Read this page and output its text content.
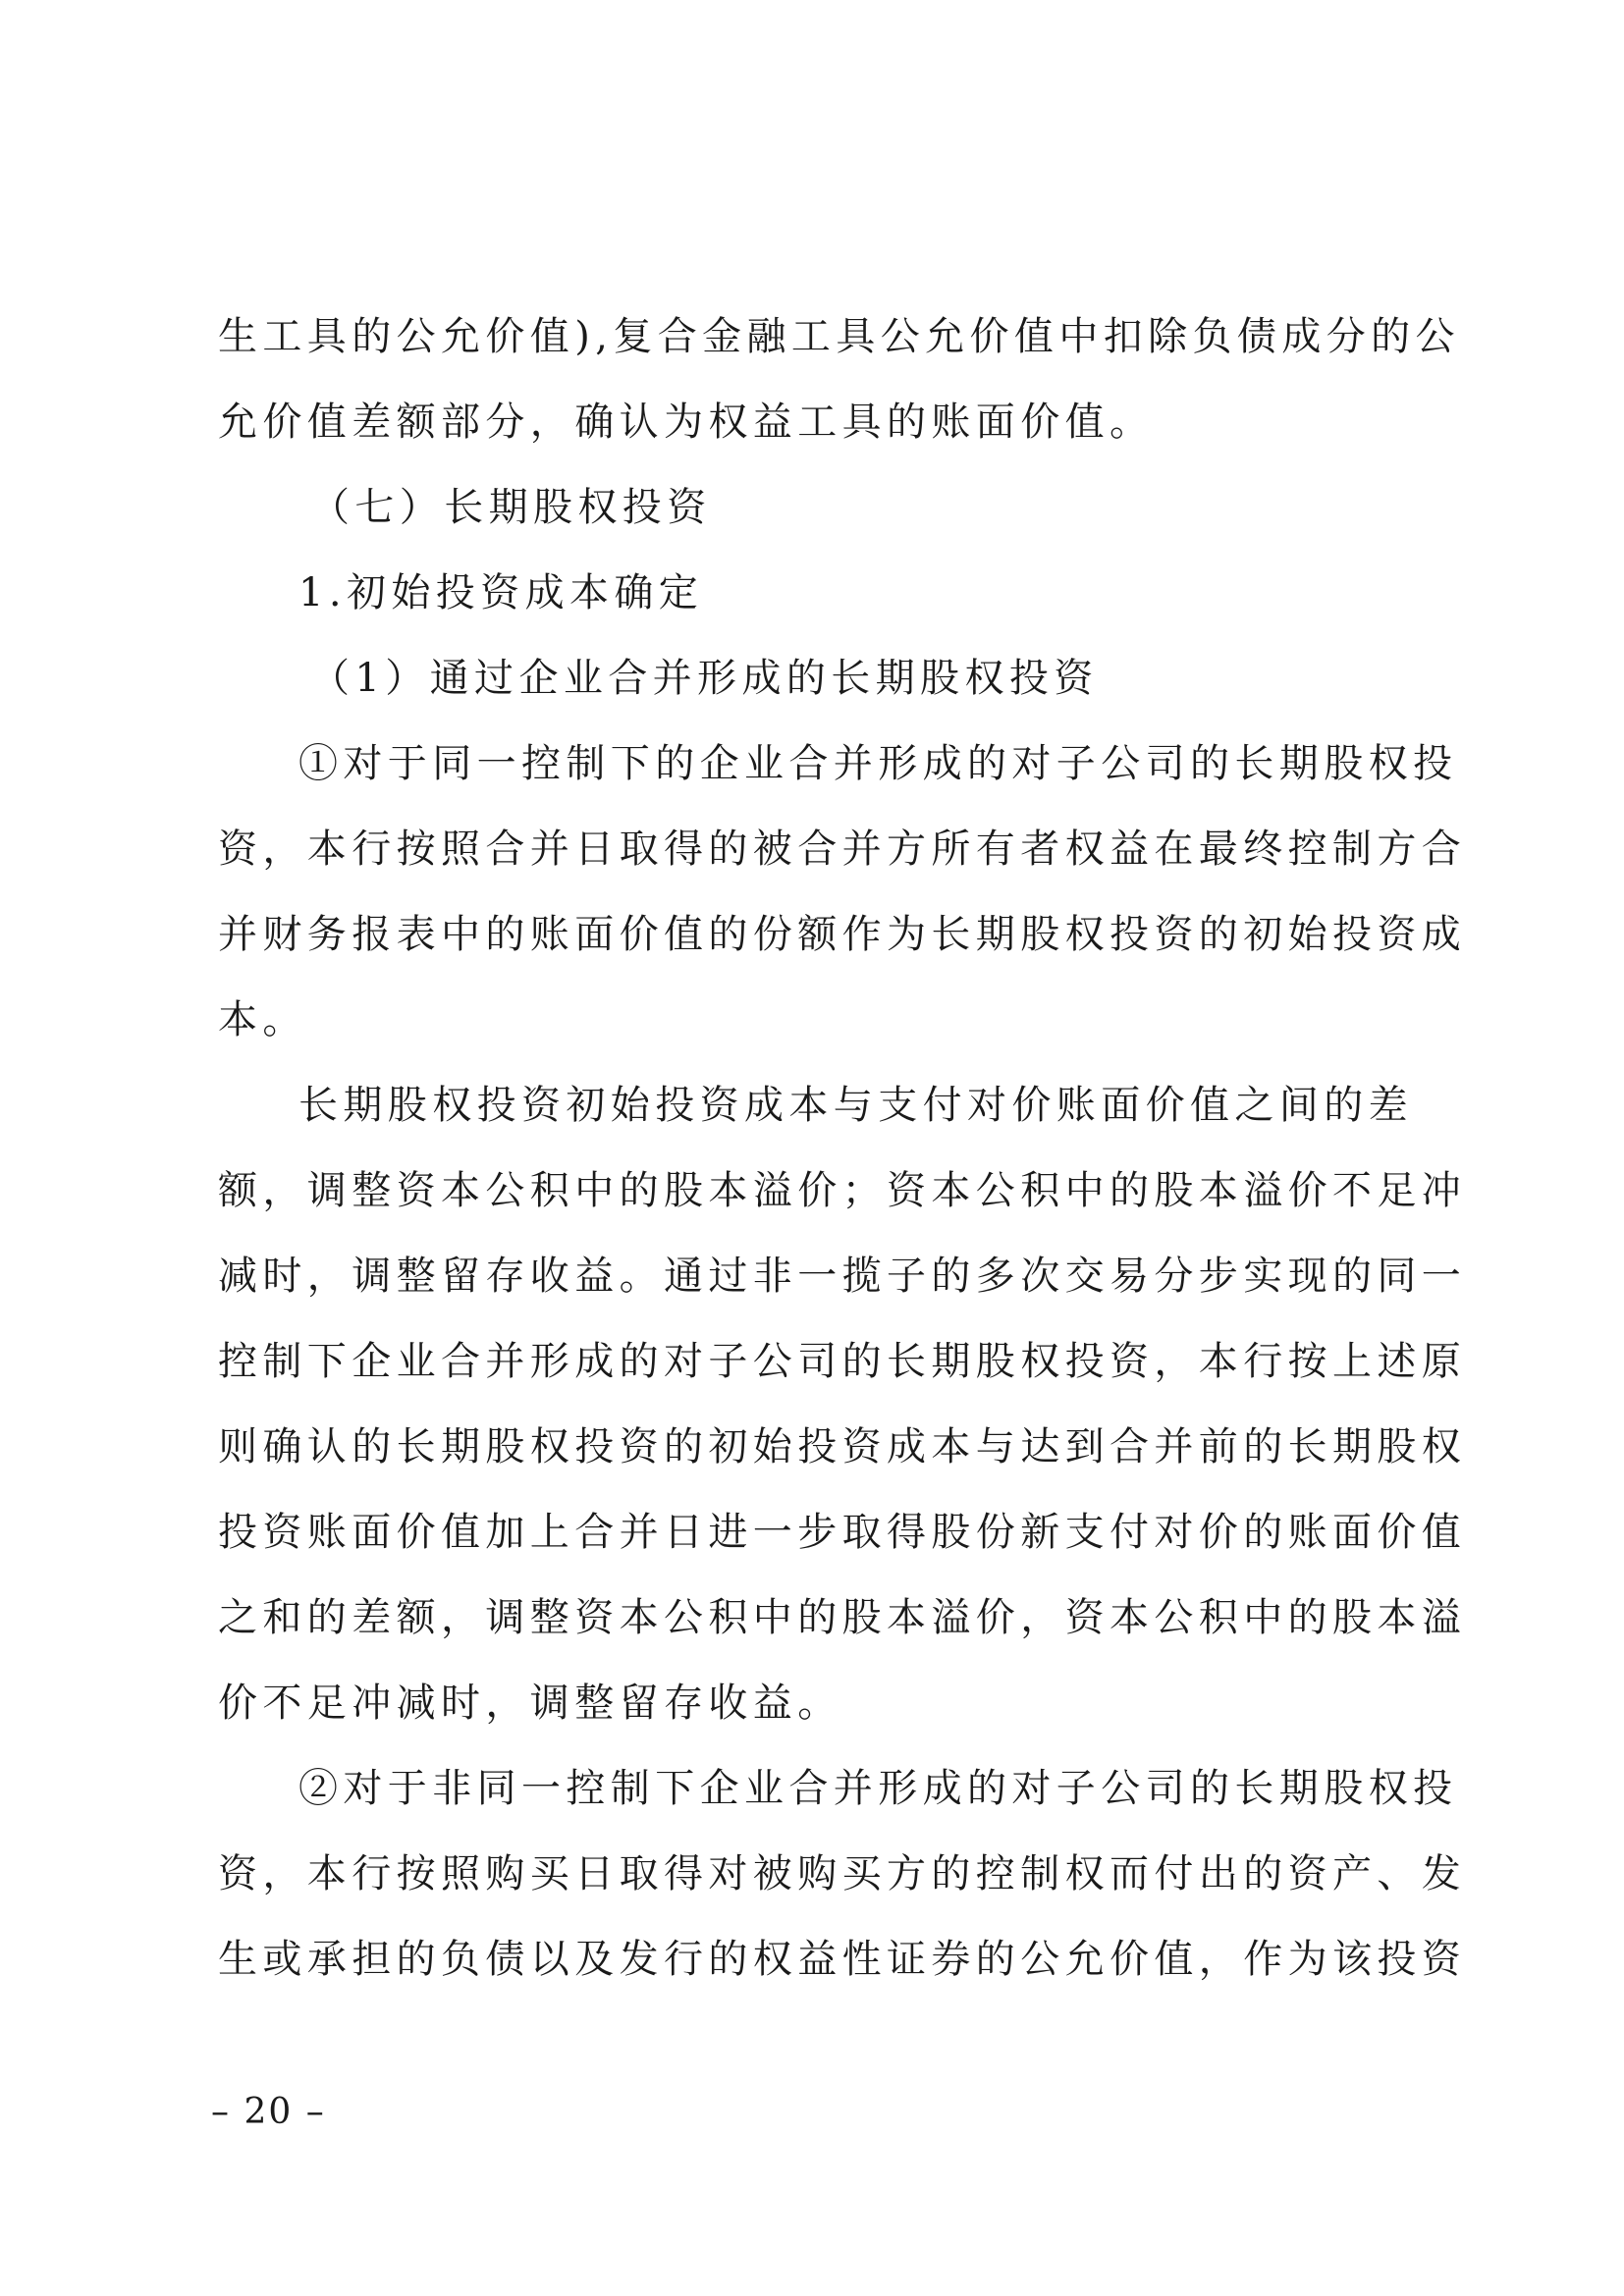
生工具的公允价值),复合金融工具公允价值中扣除负债成分的公
允价值差额部分，确认为权益工具的账面价值。
（七）长期股权投资
1.初始投资成本确定
（1）通过企业合并形成的长期股权投资
①对于同一控制下的企业合并形成的对子公司的长期股权投
资，本行按照合并日取得的被合并方所有者权益在最终控制方合
并财务报表中的账面价值的份额作为长期股权投资的初始投资成
本。
长期股权投资初始投资成本与支付对价账面价值之间的差
额，调整资本公积中的股本溢价；资本公积中的股本溢价不足冲
减时，调整留存收益。通过非一揽子的多次交易分步实现的同一
控制下企业合并形成的对子公司的长期股权投资，本行按上述原
则确认的长期股权投资的初始投资成本与达到合并前的长期股权
投资账面价值加上合并日进一步取得股份新支付对价的账面价值
之和的差额，调整资本公积中的股本溢价，资本公积中的股本溢
价不足冲减时，调整留存收益。
②对于非同一控制下企业合并形成的对子公司的长期股权投
资，本行按照购买日取得对被购买方的控制权而付出的资产、发
生或承担的负债以及发行的权益性证券的公允价值，作为该投资
– 20 –
